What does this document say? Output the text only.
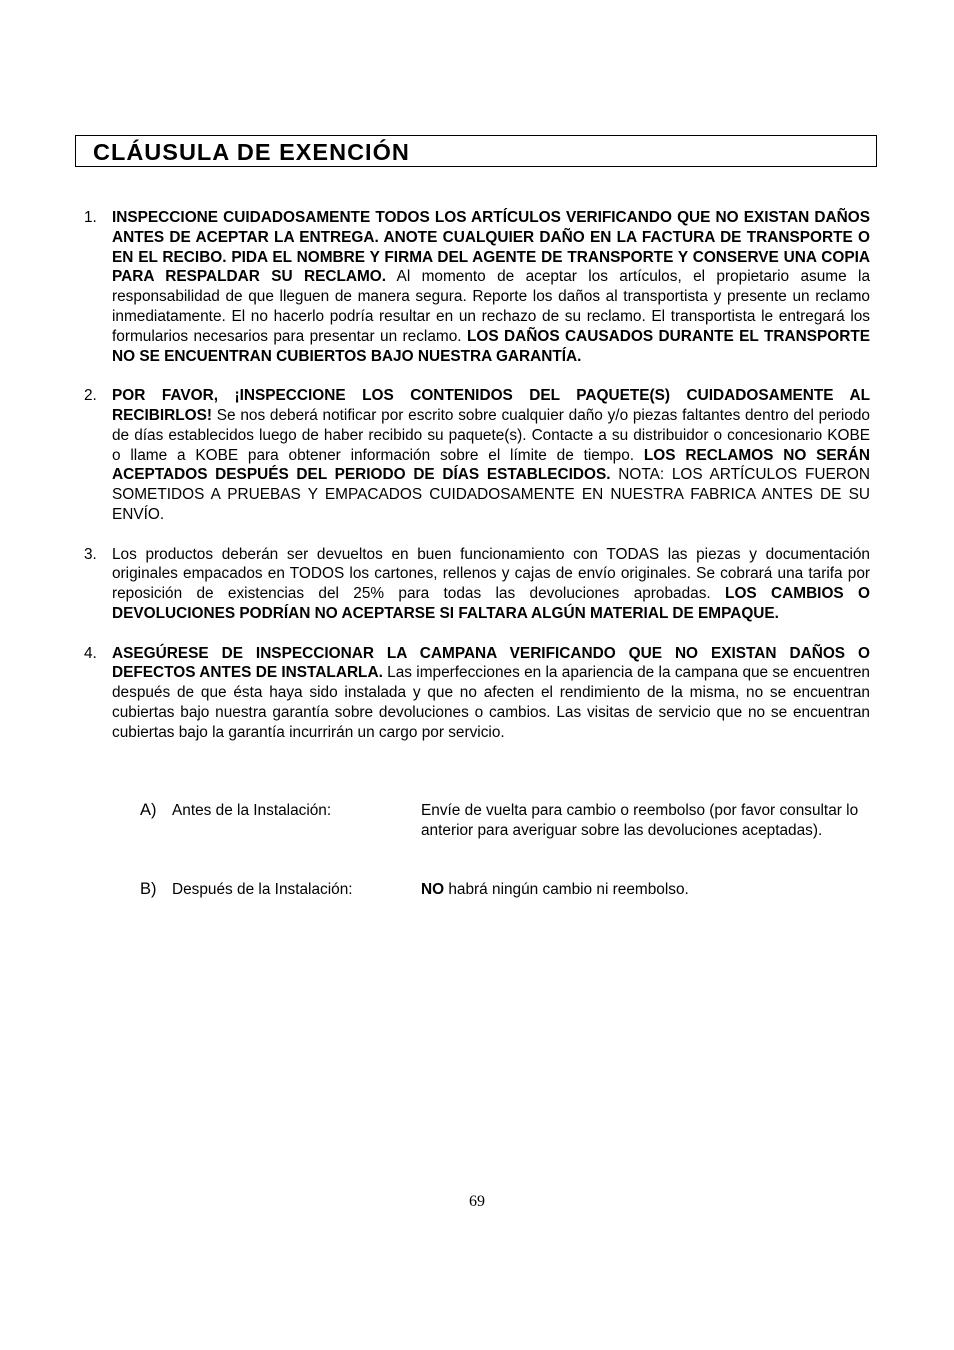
CLÁUSULA DE EXENCIÓN
1. INSPECCIONE CUIDADOSAMENTE TODOS LOS ARTÍCULOS VERIFICANDO QUE NO EXISTAN DAÑOS ANTES DE ACEPTAR LA ENTREGA. ANOTE CUALQUIER DAÑO EN LA FACTURA DE TRANSPORTE O EN EL RECIBO. PIDA EL NOMBRE Y FIRMA DEL AGENTE DE TRANSPORTE Y CONSERVE UNA COPIA PARA RESPALDAR SU RECLAMO. Al momento de aceptar los artículos, el propietario asume la responsabilidad de que lleguen de manera segura. Reporte los daños al transportista y presente un reclamo inmediatamente. El no hacerlo podría resultar en un rechazo de su reclamo. El transportista le entregará los formularios necesarios para presentar un reclamo. LOS DAÑOS CAUSADOS DURANTE EL TRANSPORTE NO SE ENCUENTRAN CUBIERTOS BAJO NUESTRA GARANTÍA.
2. POR FAVOR, ¡INSPECCIONE LOS CONTENIDOS DEL PAQUETE(S) CUIDADOSAMENTE AL RECIBIRLOS! Se nos deberá notificar por escrito sobre cualquier daño y/o piezas faltantes dentro del periodo de días establecidos luego de haber recibido su paquete(s). Contacte a su distribuidor o concesionario KOBE o llame a KOBE para obtener información sobre el límite de tiempo. LOS RECLAMOS NO SERÁN ACEPTADOS DESPUÉS DEL PERIODO DE DÍAS ESTABLECIDOS. NOTA: LOS ARTÍCULOS FUERON SOMETIDOS A PRUEBAS Y EMPACADOS CUIDADOSAMENTE EN NUESTRA FABRICA ANTES DE SU ENVÍO.
3. Los productos deberán ser devueltos en buen funcionamiento con TODAS las piezas y documentación originales empacados en TODOS los cartones, rellenos y cajas de envío originales. Se cobrará una tarifa por reposición de existencias del 25% para todas las devoluciones aprobadas. LOS CAMBIOS O DEVOLUCIONES PODRÍAN NO ACEPTARSE SI FALTARA ALGÚN MATERIAL DE EMPAQUE.
4. ASEGÚRESE DE INSPECCIONAR LA CAMPANA VERIFICANDO QUE NO EXISTAN DAÑOS O DEFECTOS ANTES DE INSTALARLA. Las imperfecciones en la apariencia de la campana que se encuentren después de que ésta haya sido instalada y que no afecten el rendimiento de la misma, no se encuentran cubiertas bajo nuestra garantía sobre devoluciones o cambios. Las visitas de servicio que no se encuentran cubiertas bajo la garantía incurrirán un cargo por servicio.
A) Antes de la Instalación:	Envíe de vuelta para cambio o reembolso (por favor consultar lo anterior para averiguar sobre las devoluciones aceptadas).
B) Después de la Instalación:	NO habrá ningún cambio ni reembolso.
69
